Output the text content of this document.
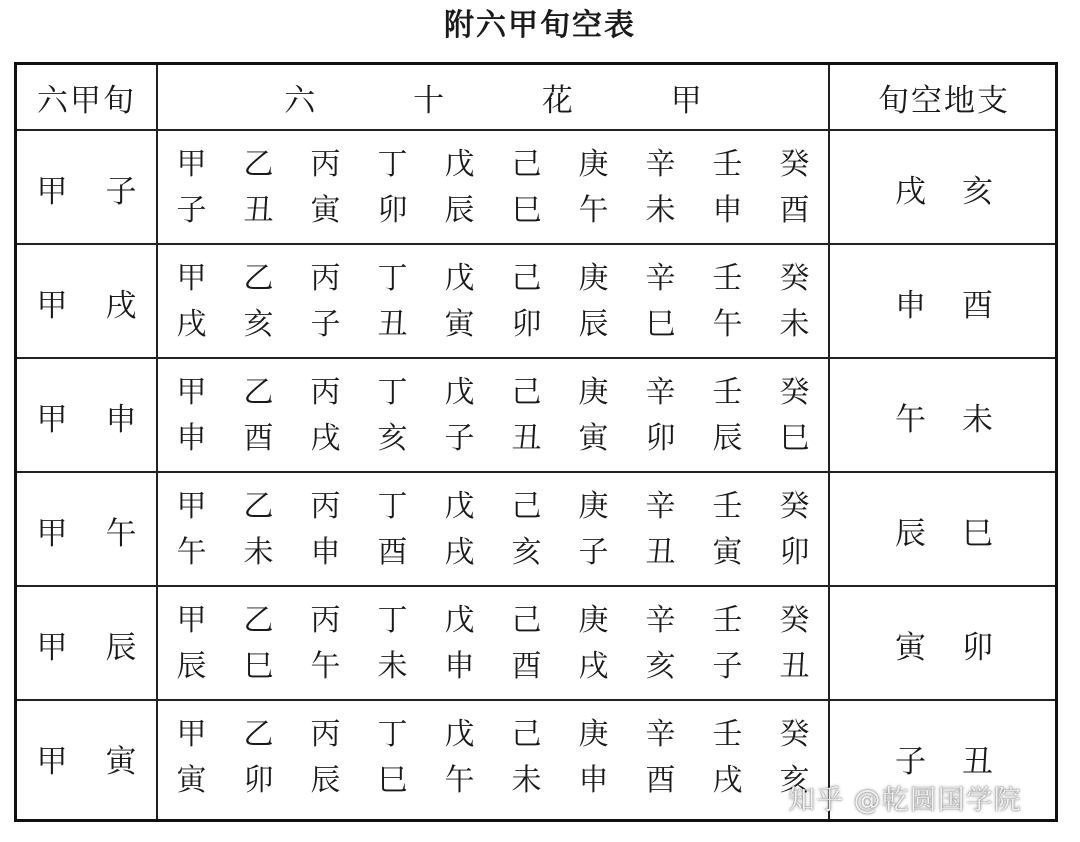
附六甲旬空表
六甲旬	六 十 花 甲	旬空地支
甲 子
甲
子
乙
丑
丙
寅
丁
卯
戊
辰
己
巳
庚
午
辛
未
壬
申
癸
酉
戌 亥
甲 戌
甲
戌
乙
亥
丙
子
丁
丑
戊
寅
己
卯
庚
辰
辛
巳
壬
午
癸
未
申 酉
甲 申
甲
申
乙
酉
丙
戌
丁
亥
戊
子
己
丑
庚
寅
辛
卯
壬
辰
癸
巳
午 未
甲 午
甲
午
乙
未
丙
申
丁
酉
戊
戌
己
亥
庚
子
辛
丑
壬
寅
癸
卯
辰 巳
甲 辰
甲
辰
乙
巳
丙
午
丁
未
戊
申
己
酉
庚
戌
辛
亥
壬
子
癸
丑
寅 卯
甲 寅
甲
寅
乙
卯
丙
辰
丁
巳
戊
午
己
未
庚
申
辛
酉
壬
戌
癸
亥
子 丑
知乎 @乾圆国学院
